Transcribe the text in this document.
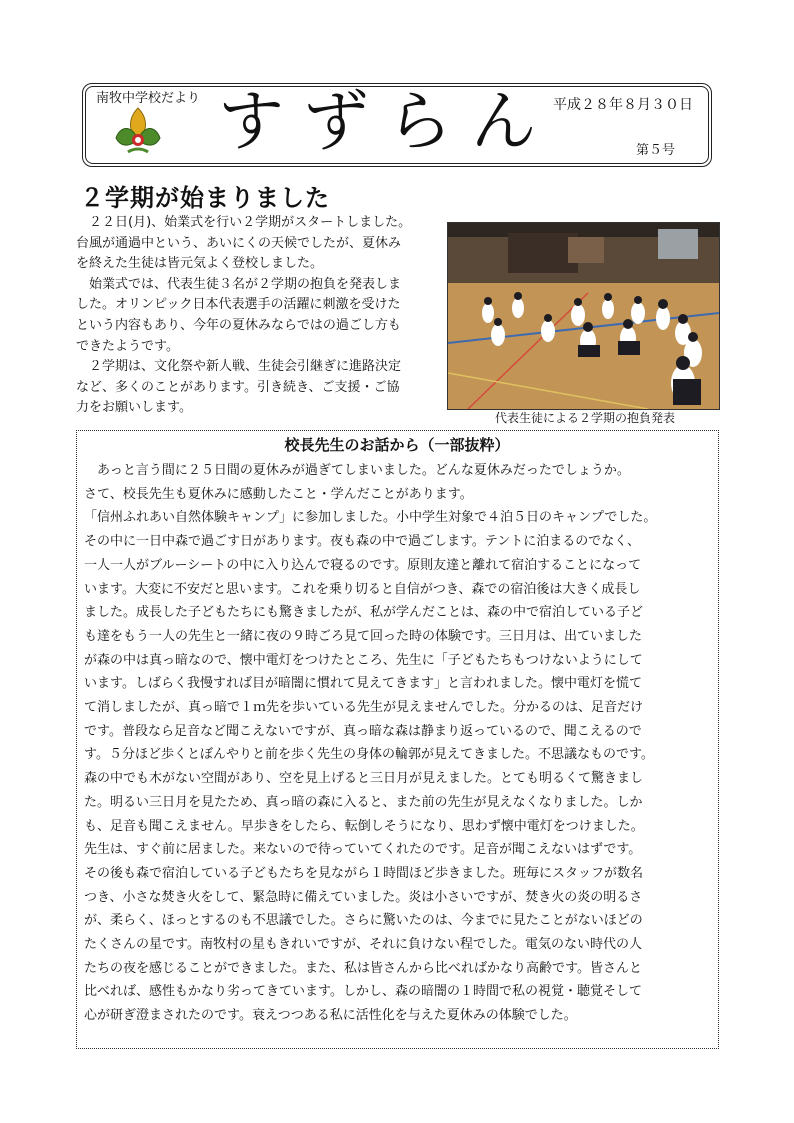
南牧中学校だより すずらん
平成２８年８月３０日
第５号
２学期が始まりました

　２２日(月)、始業式を行い２学期がスタートしました。

台風が通過中という、あいにくの天候でしたが、夏休み

を終えた生徒は皆元気よく登校しました。

　始業式では、代表生徒３名が２学期の抱負を発表しま

した。オリンピック日本代表選手の活躍に刺激を受けた

という内容もあり、今年の夏休みならではの過ごし方も

できたようです。

　２学期は、文化祭や新人戦、生徒会引継ぎに進路決定

など、多くのことがあります。引き続き、ご支援・ご協

力をお願いします。

代表生徒による２学期の抱負発表
校長先生のお話から（一部抜粋）

　あっと言う間に２５日間の夏休みが過ぎてしまいました。どんな夏休みだったでしょうか。

さて、校長先生も夏休みに感動したこと・学んだことがあります。

「信州ふれあい自然体験キャンプ」に参加しました。小中学生対象で４泊５日のキャンプでした。

その中に一日中森で過ごす日があります。夜も森の中で過ごします。テントに泊まるのでなく、

一人一人がブルーシートの中に入り込んで寝るのです。原則友達と離れて宿泊することになって

います。大変に不安だと思います。これを乗り切ると自信がつき、森での宿泊後は大きく成長し

ました。成長した子どもたちにも驚きましたが、私が学んだことは、森の中で宿泊している子ど

も達をもう一人の先生と一緒に夜の９時ごろ見て回った時の体験です。三日月は、出ていました

が森の中は真っ暗なので、懐中電灯をつけたところ、先生に「子どもたちもつけないようにして

います。しばらく我慢すれば目が暗闇に慣れて見えてきます」と言われました。懐中電灯を慌て

て消しましたが、真っ暗で１ｍ先を歩いている先生が見えませんでした。分かるのは、足音だけ

です。普段なら足音など聞こえないですが、真っ暗な森は静まり返っているので、聞こえるので

す。５分ほど歩くとぼんやりと前を歩く先生の身体の輪郭が見えてきました。不思議なものです。

森の中でも木がない空間があり、空を見上げると三日月が見えました。とても明るくて驚きまし

た。明るい三日月を見たため、真っ暗の森に入ると、また前の先生が見えなくなりました。しか

も、足音も聞こえません。早歩きをしたら、転倒しそうになり、思わず懐中電灯をつけました。

先生は、すぐ前に居ました。来ないので待っていてくれたのです。足音が聞こえないはずです。

その後も森で宿泊している子どもたちを見ながら１時間ほど歩きました。班毎にスタッフが数名

つき、小さな焚き火をして、緊急時に備えていました。炎は小さいですが、焚き火の炎の明るさ

が、柔らく、ほっとするのも不思議でした。さらに驚いたのは、今までに見たことがないほどの

たくさんの星です。南牧村の星もきれいですが、それに負けない程でした。電気のない時代の人

たちの夜を感じることができました。また、私は皆さんから比べればかなり高齢です。皆さんと

比べれば、感性もかなり劣ってきています。しかし、森の暗闇の１時間で私の視覚・聴覚そして

心が研ぎ澄まされたのです。衰えつつある私に活性化を与えた夏休みの体験でした。
